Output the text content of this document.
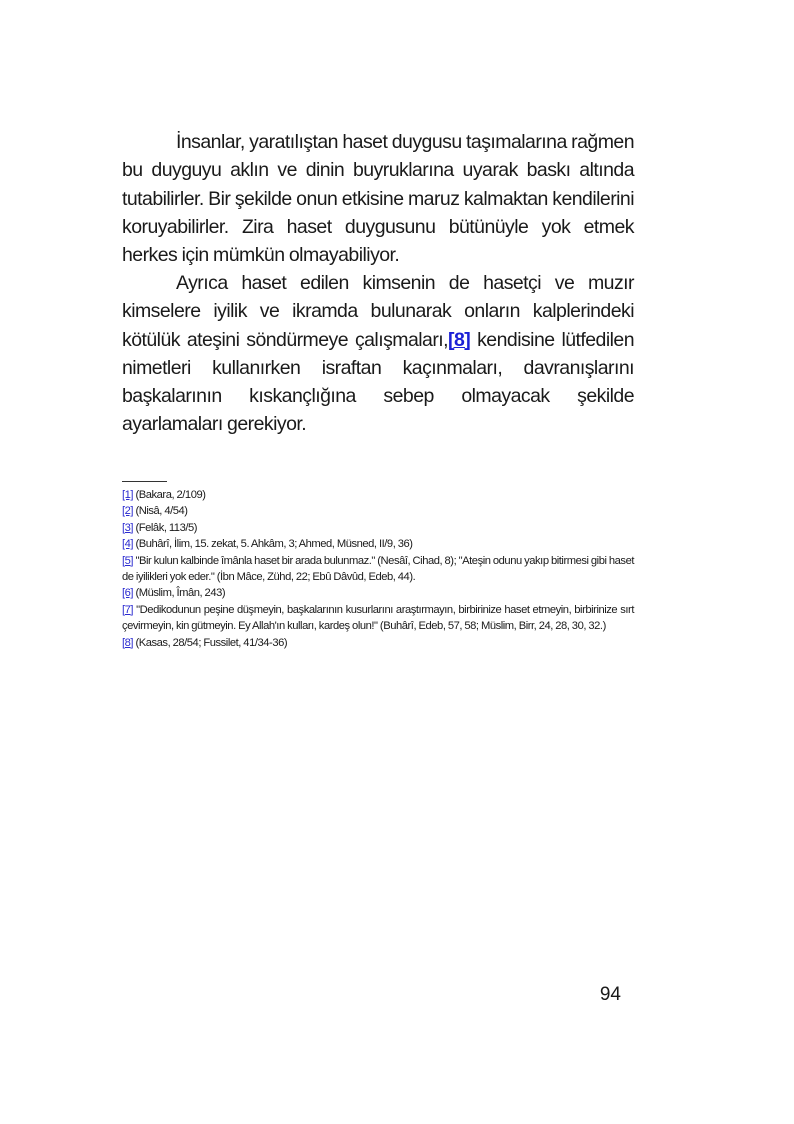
İnsanlar, yaratılıştan haset duygusu taşımalarına rağmen bu duyguyu aklın ve dinin buyruklarına uyarak baskı altında tutabilirler. Bir şekilde onun etkisine maruz kalmaktan kendilerini koruyabilirler. Zira haset duygusunu bütünüyle yok etmek herkes için mümkün olmayabiliyor.

Ayrıca haset edilen kimsenin de hasetçi ve muzır kimselere iyilik ve ikramda bulunarak onların kalplerindeki kötülük ateşini söndürmeye çalışmaları,[8] kendisine lütfedilen nimetleri kullanırken israftan kaçınmaları, davranışlarını başkalarının kıskançlığına sebep olmayacak şekilde ayarlamaları gerekiyor.

[1] (Bakara, 2/109)

[2] (Nisâ, 4/54)

[3] (Felâk, 113/5)

[4] (Buhârî, İlim, 15. zekat, 5. Ahkâm, 3; Ahmed, Müsned, II/9, 36)

[5] "Bir kulun kalbinde îmânla haset bir arada bulunmaz." (Nesâî, Cihad, 8); "Ateşin odunu yakıp bitirmesi gibi haset de iyilikleri yok eder." (İbn Mâce, Zühd, 22; Ebû Dâvûd, Edeb, 44).

[6] (Müslim, Îmân, 243)

[7] "Dedikodunun peşine düşmeyin, başkalarının kusurlarını araştırmayın, birbirinize haset etmeyin, birbirinize sırt çevirmeyin, kin gütmeyin. Ey Allah'ın kulları, kardeş olun!" (Buhârî, Edeb, 57, 58; Müslim, Birr, 24, 28, 30, 32.)

[8] (Kasas, 28/54; Fussilet, 41/34-36)

94
